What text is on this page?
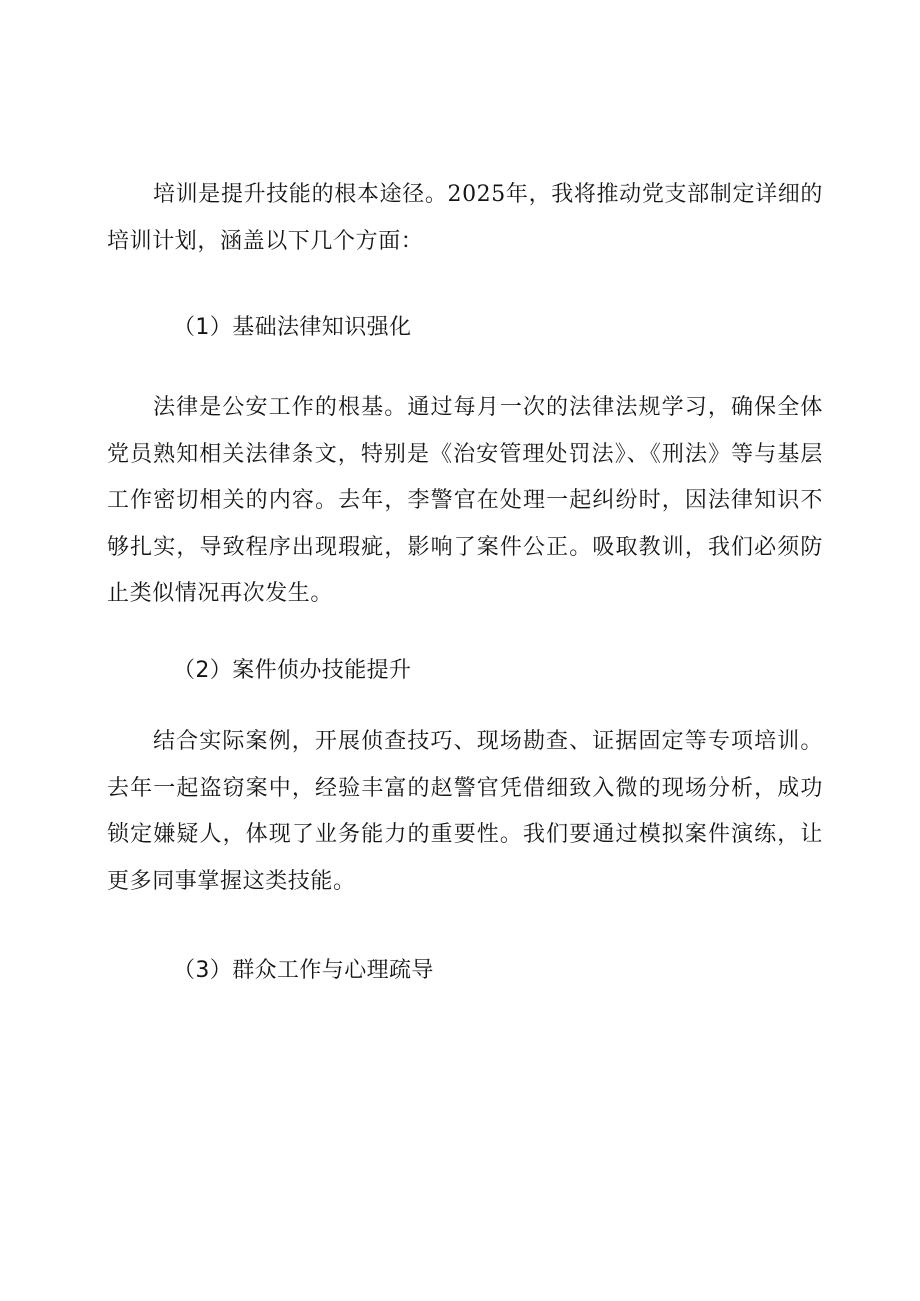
培训是提升技能的根本途径。2025年，我将推动党支部制定详细的培训计划，涵盖以下几个方面：

（1）基础法律知识强化

法律是公安工作的根基。通过每月一次的法律法规学习，确保全体党员熟知相关法律条文，特别是《治安管理处罚法》、《刑法》等与基层工作密切相关的内容。去年，李警官在处理一起纠纷时，因法律知识不够扎实，导致程序出现瑕疵，影响了案件公正。吸取教训，我们必须防止类似情况再次发生。

（2）案件侦办技能提升

结合实际案例，开展侦查技巧、现场勘查、证据固定等专项培训。去年一起盗窃案中，经验丰富的赵警官凭借细致入微的现场分析，成功锁定嫌疑人，体现了业务能力的重要性。我们要通过模拟案件演练，让更多同事掌握这类技能。

（3）群众工作与心理疏导
